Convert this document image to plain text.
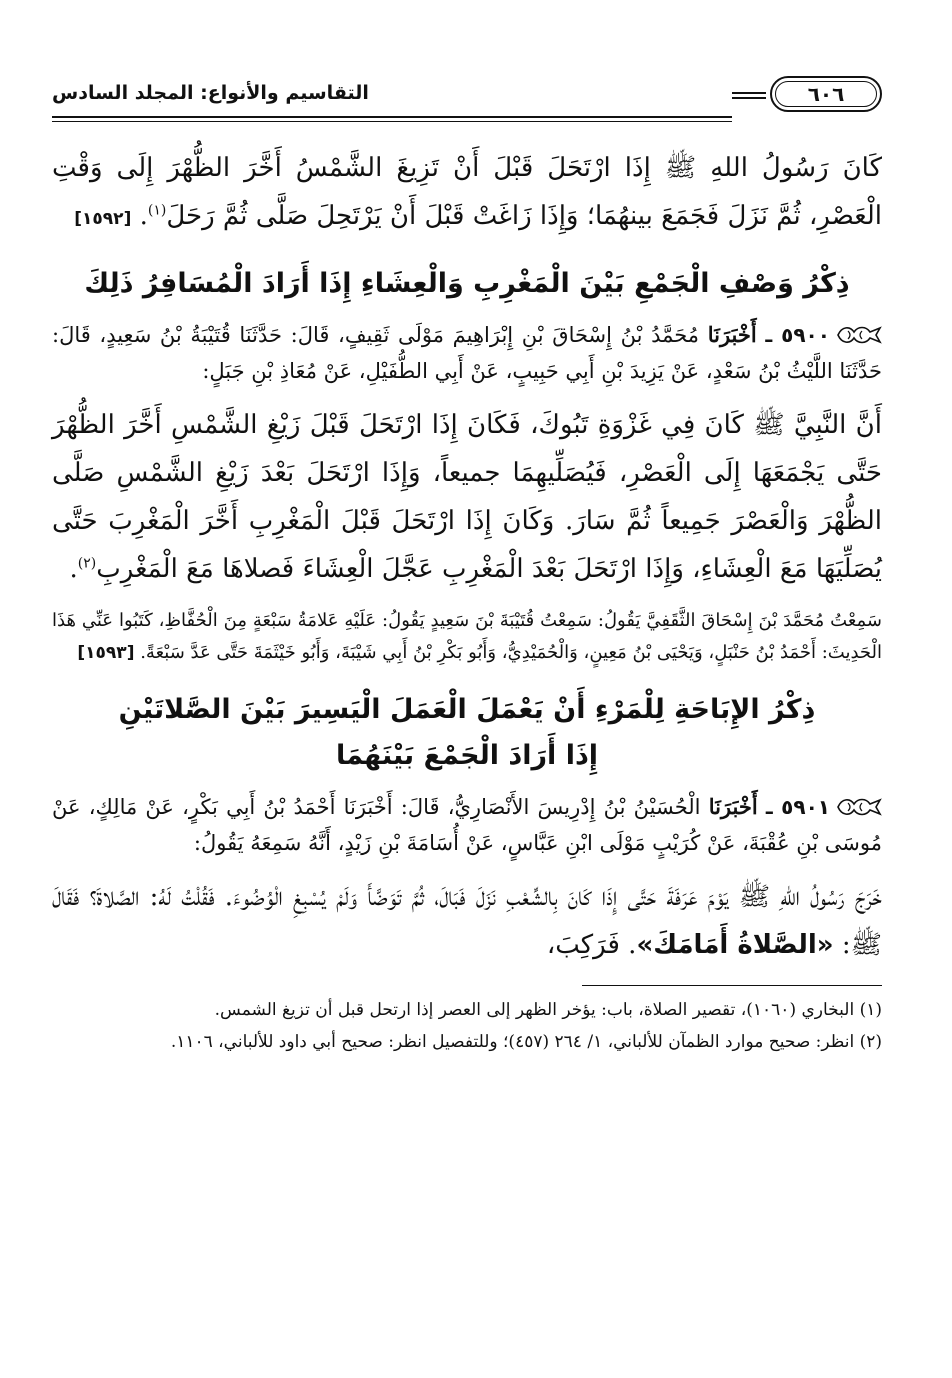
٦٠٦
التقاسيم والأنواع: المجلد السادس

كَانَ رَسُولُ اللهِ ﷺ إِذَا ارْتَحَلَ قَبْلَ أَنْ تَزِيغَ الشَّمْسُ أَخَّرَ الظُّهْرَ إِلَى وَقْتِ الْعَصْرِ، ثُمَّ نَزَلَ فَجَمَعَ بينهُمَا؛ وَإِذَا زَاغَتْ قَبْلَ أَنْ يَرْتَحِلَ صَلَّى ثُمَّ رَحَلَ$^{(١)}$. [١٥٩٢]

ذِكْرُ وَصْفِ الْجَمْعِ بَيْنَ الْمَغْرِبِ وَالْعِشَاءِ إِذَا أَرَادَ الْمُسَافِرُ ذَلِكَ

٥٩٠٠ ـ أَخْبَرَنَا مُحَمَّدُ بْنُ إِسْحَاقَ بْنِ إِبْرَاهِيمَ مَوْلَى ثَقِيفٍ، قَالَ: حَدَّثَنَا قُتَيْبَةُ بْنُ سَعِيدٍ، قَالَ: حَدَّثَنَا اللَّيْثُ بْنُ سَعْدٍ، عَنْ يَزِيدَ بْنِ أَبِي حَبِيبٍ، عَنْ أَبِي الطُّفَيْلِ، عَنْ مُعَاذِ بْنِ جَبَلٍ:

أَنَّ النَّبِيَّ ﷺ كَانَ فِي غَزْوَةِ تَبُوكَ، فَكَانَ إِذَا ارْتَحَلَ قَبْلَ زَيْغِ الشَّمْسِ أَخَّرَ الظُّهْرَ حَتَّى يَجْمَعَهَا إِلَى الْعَصْرِ، فَيُصَلِّيهِمَا جميعاً، وَإِذَا ارْتَحَلَ بَعْدَ زَيْغِ الشَّمْسِ صَلَّى الظُّهْرَ وَالْعَصْرَ جَمِيعاً ثُمَّ سَارَ. وَكَانَ إِذَا ارْتَحَلَ قَبْلَ الْمَغْرِبِ أَخَّرَ الْمَغْرِبَ حَتَّى يُصَلِّيَهَا مَعَ الْعِشَاءِ، وَإِذَا ارْتَحَلَ بَعْدَ الْمَغْرِبِ عَجَّلَ الْعِشَاءَ فَصلاهَا مَعَ الْمَغْرِبِ$^{(٢)}$.

سَمِعْتُ مُحَمَّدَ بْنَ إِسْحَاقَ الثَّقَفِيَّ يَقُولُ: سَمِعْتُ قُتَيْبَةَ بْنَ سَعِيدٍ يَقُولُ: عَلَيْهِ عَلامَةُ سَبْعَةٍ مِنَ الْحُفَّاظِ، كَتَبُوا عَنِّي هَذَا الْحَدِيثَ: أَحْمَدُ بْنُ حَنْبَلٍ، وَيَحْيَى بْنُ مَعِينٍ، وَالْحُمَيْدِيُّ، وَأَبُو بَكْرِ بْنُ أَبِي شَيْبَةَ، وَأَبُو خَيْثَمَةَ حَتَّى عَدَّ سَبْعَةً. [١٥٩٣]

ذِكْرُ الإِبَاحَةِ لِلْمَرْءِ أَنْ يَعْمَلَ الْعَمَلَ الْيَسِيرَ بَيْنَ الصَّلاتَيْنِ
إِذَا أَرَادَ الْجَمْعَ بَيْنَهُمَا

٥٩٠١ ـ أَخْبَرَنَا الْحُسَيْنُ بْنُ إِدْرِيسَ الأَنْصَارِيُّ، قَالَ: أَخْبَرَنَا أَحْمَدُ بْنُ أَبِي بَكْرٍ، عَنْ مَالِكٍ، عَنْ مُوسَى بْنِ عُقْبَةَ، عَنْ كُرَيْبٍ مَوْلَى ابْنِ عَبَّاسٍ، عَنْ أُسَامَةَ بْنِ زَيْدٍ، أَنَّهُ سَمِعَهُ يَقُولُ:

خَرَجَ رَسُولُ اللهِ ﷺ يَوْمَ عَرَفَةَ حَتَّى إِذَا كَانَ بِالشِّعْبِ نَزَلَ فَبَالَ، ثُمَّ تَوَضَّأَ وَلَمْ يُسْبِغِ الْوُضُوءَ. فَقُلْتُ لَهُ: الصَّلاةَ؟ فَقَالَ ﷺ: «الصَّلاةُ أَمَامَكَ». فَرَكِبَ،

(١) البخاري (١٠٦٠)، تقصير الصلاة، باب: يؤخر الظهر إلى العصر إذا ارتحل قبل أن تزيغ الشمس.
(٢) انظر: صحيح موارد الظمآن للألباني، ١/ ٢٦٤ (٤٥٧)؛ وللتفصيل انظر: صحيح أبي داود للألباني، ١١٠٦.
